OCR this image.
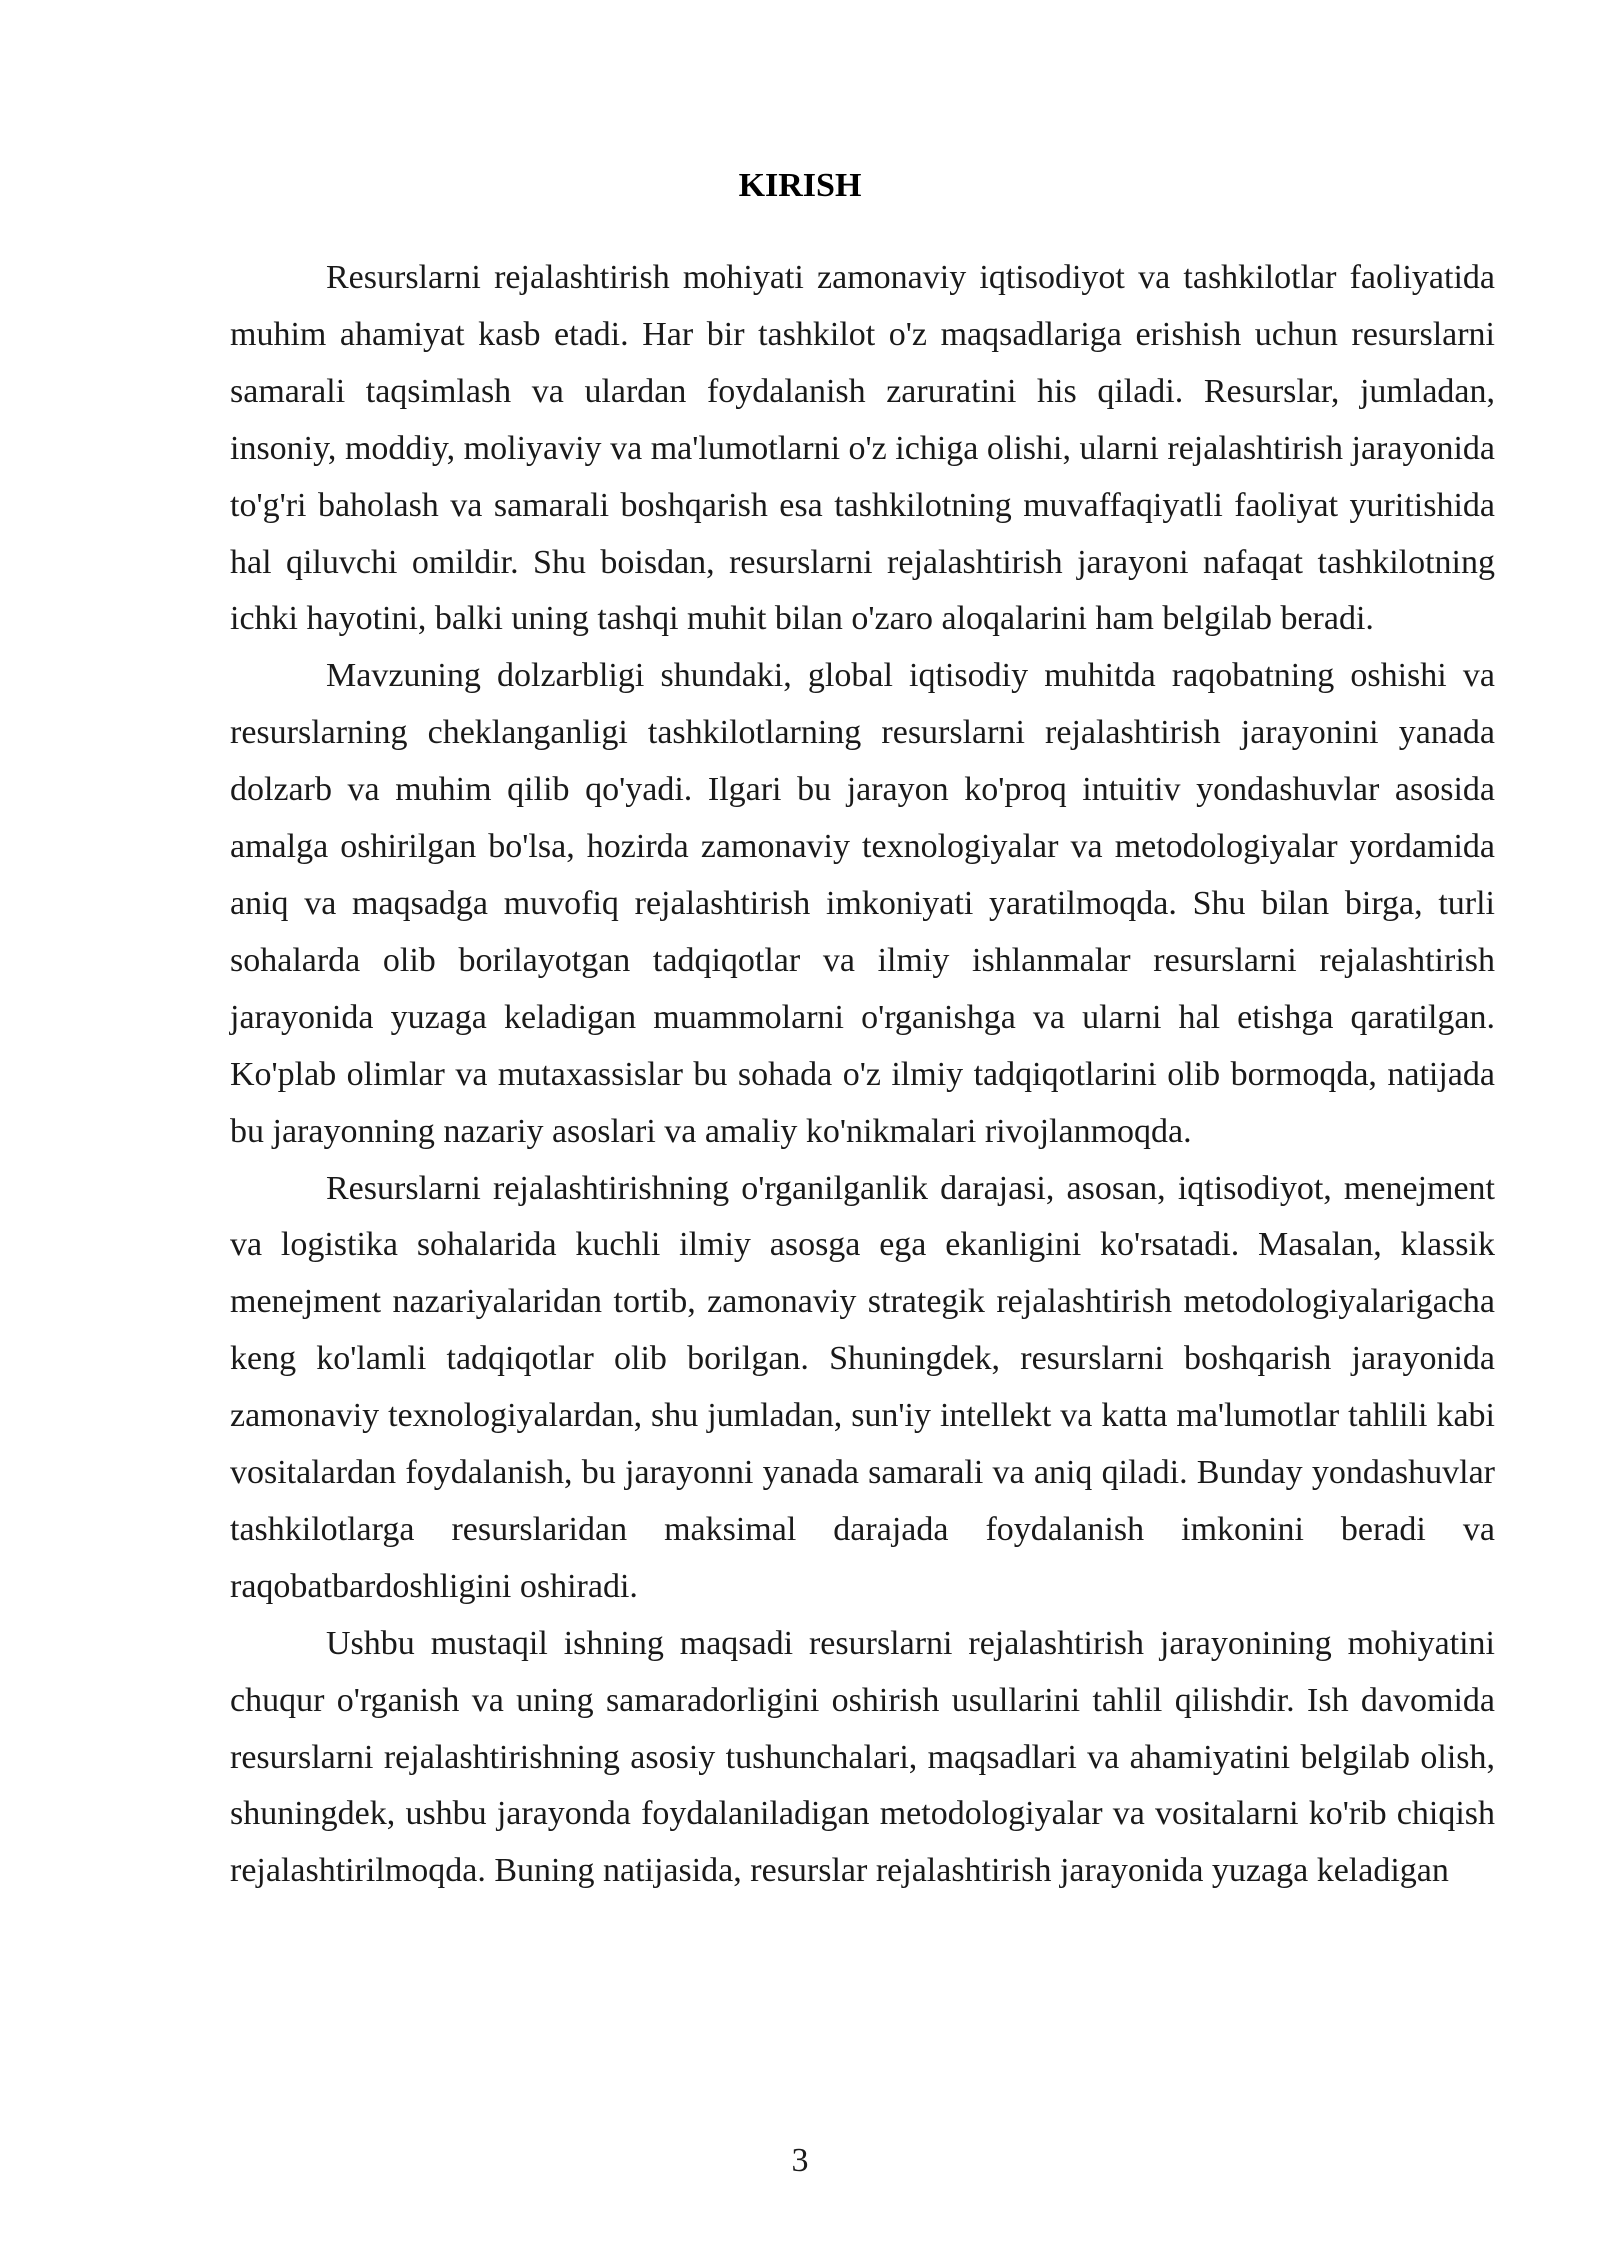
KIRISH

Resurslarni rejalashtirish mohiyati zamonaviy iqtisodiyot va tashkilotlar faoliyatida muhim ahamiyat kasb etadi. Har bir tashkilot o'z maqsadlariga erishish uchun resurslarni samarali taqsimlash va ulardan foydalanish zaruratini his qiladi. Resurslar, jumladan, insoniy, moddiy, moliyaviy va ma'lumotlarni o'z ichiga olishi, ularni rejalashtirish jarayonida to'g'ri baholash va samarali boshqarish esa tashkilotning muvaffaqiyatli faoliyat yuritishida hal qiluvchi omildir. Shu boisdan, resurslarni rejalashtirish jarayoni nafaqat tashkilotning ichki hayotini, balki uning tashqi muhit bilan o'zaro aloqalarini ham belgilab beradi.

Mavzuning dolzarbligi shundaki, global iqtisodiy muhitda raqobatning oshishi va resurslarning cheklanganligi tashkilotlarning resurslarni rejalashtirish jarayonini yanada dolzarb va muhim qilib qo'yadi. Ilgari bu jarayon ko'proq intuitiv yondashuvlar asosida amalga oshirilgan bo'lsa, hozirda zamonaviy texnologiyalar va metodologiyalar yordamida aniq va maqsadga muvofiq rejalashtirish imkoniyati yaratilmoqda. Shu bilan birga, turli sohalarda olib borilayotgan tadqiqotlar va ilmiy ishlanmalar resurslarni rejalashtirish jarayonida yuzaga keladigan muammolarni o'rganishga va ularni hal etishga qaratilgan. Ko'plab olimlar va mutaxassislar bu sohada o'z ilmiy tadqiqotlarini olib bormoqda, natijada bu jarayonning nazariy asoslari va amaliy ko'nikmalari rivojlanmoqda.

Resurslarni rejalashtirishning o'rganilganlik darajasi, asosan, iqtisodiyot, menejment va logistika sohalarida kuchli ilmiy asosga ega ekanligini ko'rsatadi. Masalan, klassik menejment nazariyalaridan tortib, zamonaviy strategik rejalashtirish metodologiyalarigacha keng ko'lamli tadqiqotlar olib borilgan. Shuningdek, resurslarni boshqarish jarayonida zamonaviy texnologiyalardan, shu jumladan, sun'iy intellekt va katta ma'lumotlar tahlili kabi vositalardan foydalanish, bu jarayonni yanada samarali va aniq qiladi. Bunday yondashuvlar tashkilotlarga resurslaridan maksimal darajada foydalanish imkonini beradi va raqobatbardoshligini oshiradi.

Ushbu mustaqil ishning maqsadi resurslarni rejalashtirish jarayonining mohiyatini chuqur o'rganish va uning samaradorligini oshirish usullarini tahlil qilishdir. Ish davomida resurslarni rejalashtirishning asosiy tushunchalari, maqsadlari va ahamiyatini belgilab olish, shuningdek, ushbu jarayonda foydalaniladigan metodologiyalar va vositalarni ko'rib chiqish rejalashtirilmoqda. Buning natijasida, resurslar rejalashtirish jarayonida yuzaga keladigan

3
